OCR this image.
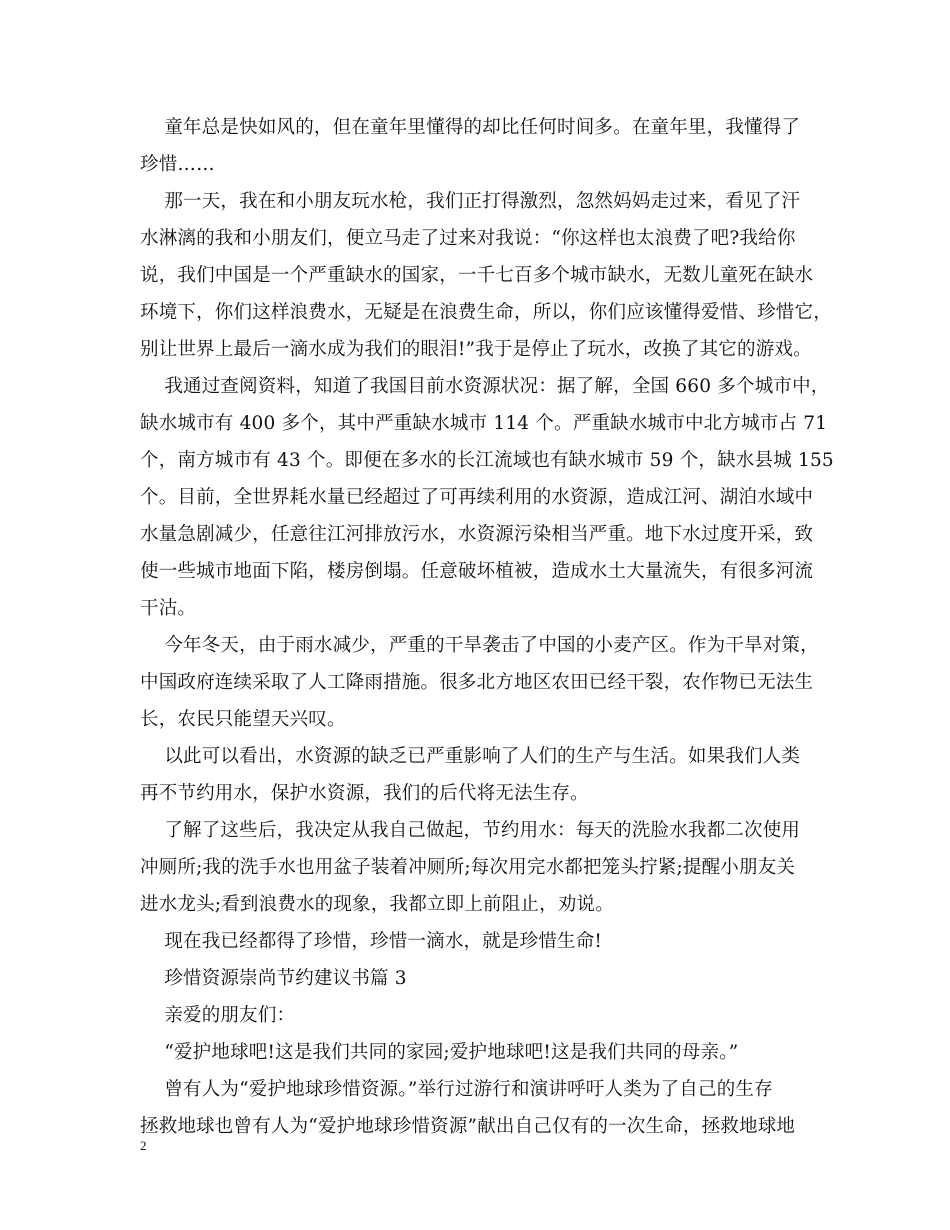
童年总是快如风的，但在童年里懂得的却比任何时间多。在童年里，我懂得了
珍惜……
那一天，我在和小朋友玩水枪，我们正打得激烈，忽然妈妈走过来，看见了汗
水淋漓的我和小朋友们，便立马走了过来对我说：“你这样也太浪费了吧?我给你
说，我们中国是一个严重缺水的国家，一千七百多个城市缺水，无数儿童死在缺水
环境下，你们这样浪费水，无疑是在浪费生命，所以，你们应该懂得爱惜、珍惜它，
别让世界上最后一滴水成为我们的眼泪!”我于是停止了玩水，改换了其它的游戏。
我通过查阅资料，知道了我国目前水资源状况：据了解，全国 660 多个城市中，
缺水城市有 400 多个，其中严重缺水城市 114 个。严重缺水城市中北方城市占 71
个，南方城市有 43 个。即便在多水的长江流域也有缺水城市 59 个，缺水县城 155
个。目前，全世界耗水量已经超过了可再续利用的水资源，造成江河、湖泊水域中
水量急剧减少，任意往江河排放污水，水资源污染相当严重。地下水过度开采，致
使一些城市地面下陷，楼房倒塌。任意破坏植被，造成水土大量流失，有很多河流
干沽。
今年冬天，由于雨水减少，严重的干旱袭击了中国的小麦产区。作为干旱对策，
中国政府连续采取了人工降雨措施。很多北方地区农田已经干裂，农作物已无法生
长，农民只能望天兴叹。
以此可以看出，水资源的缺乏已严重影响了人们的生产与生活。如果我们人类
再不节约用水，保护水资源，我们的后代将无法生存。
了解了这些后，我决定从我自己做起，节约用水：每天的洗脸水我都二次使用
冲厕所;我的洗手水也用盆子装着冲厕所;每次用完水都把笼头拧紧;提醒小朋友关
进水龙头;看到浪费水的现象，我都立即上前阻止，劝说。
现在我已经都得了珍惜，珍惜一滴水，就是珍惜生命!
珍惜资源崇尚节约建议书篇 3
亲爱的朋友们：
“爱护地球吧!这是我们共同的家园;爱护地球吧!这是我们共同的母亲。”
曾有人为“爱护地球珍惜资源。”举行过游行和演讲呼吁人类为了自己的生存
拯救地球也曾有人为“爱护地球珍惜资源”献出自己仅有的一次生命，拯救地球地
2
